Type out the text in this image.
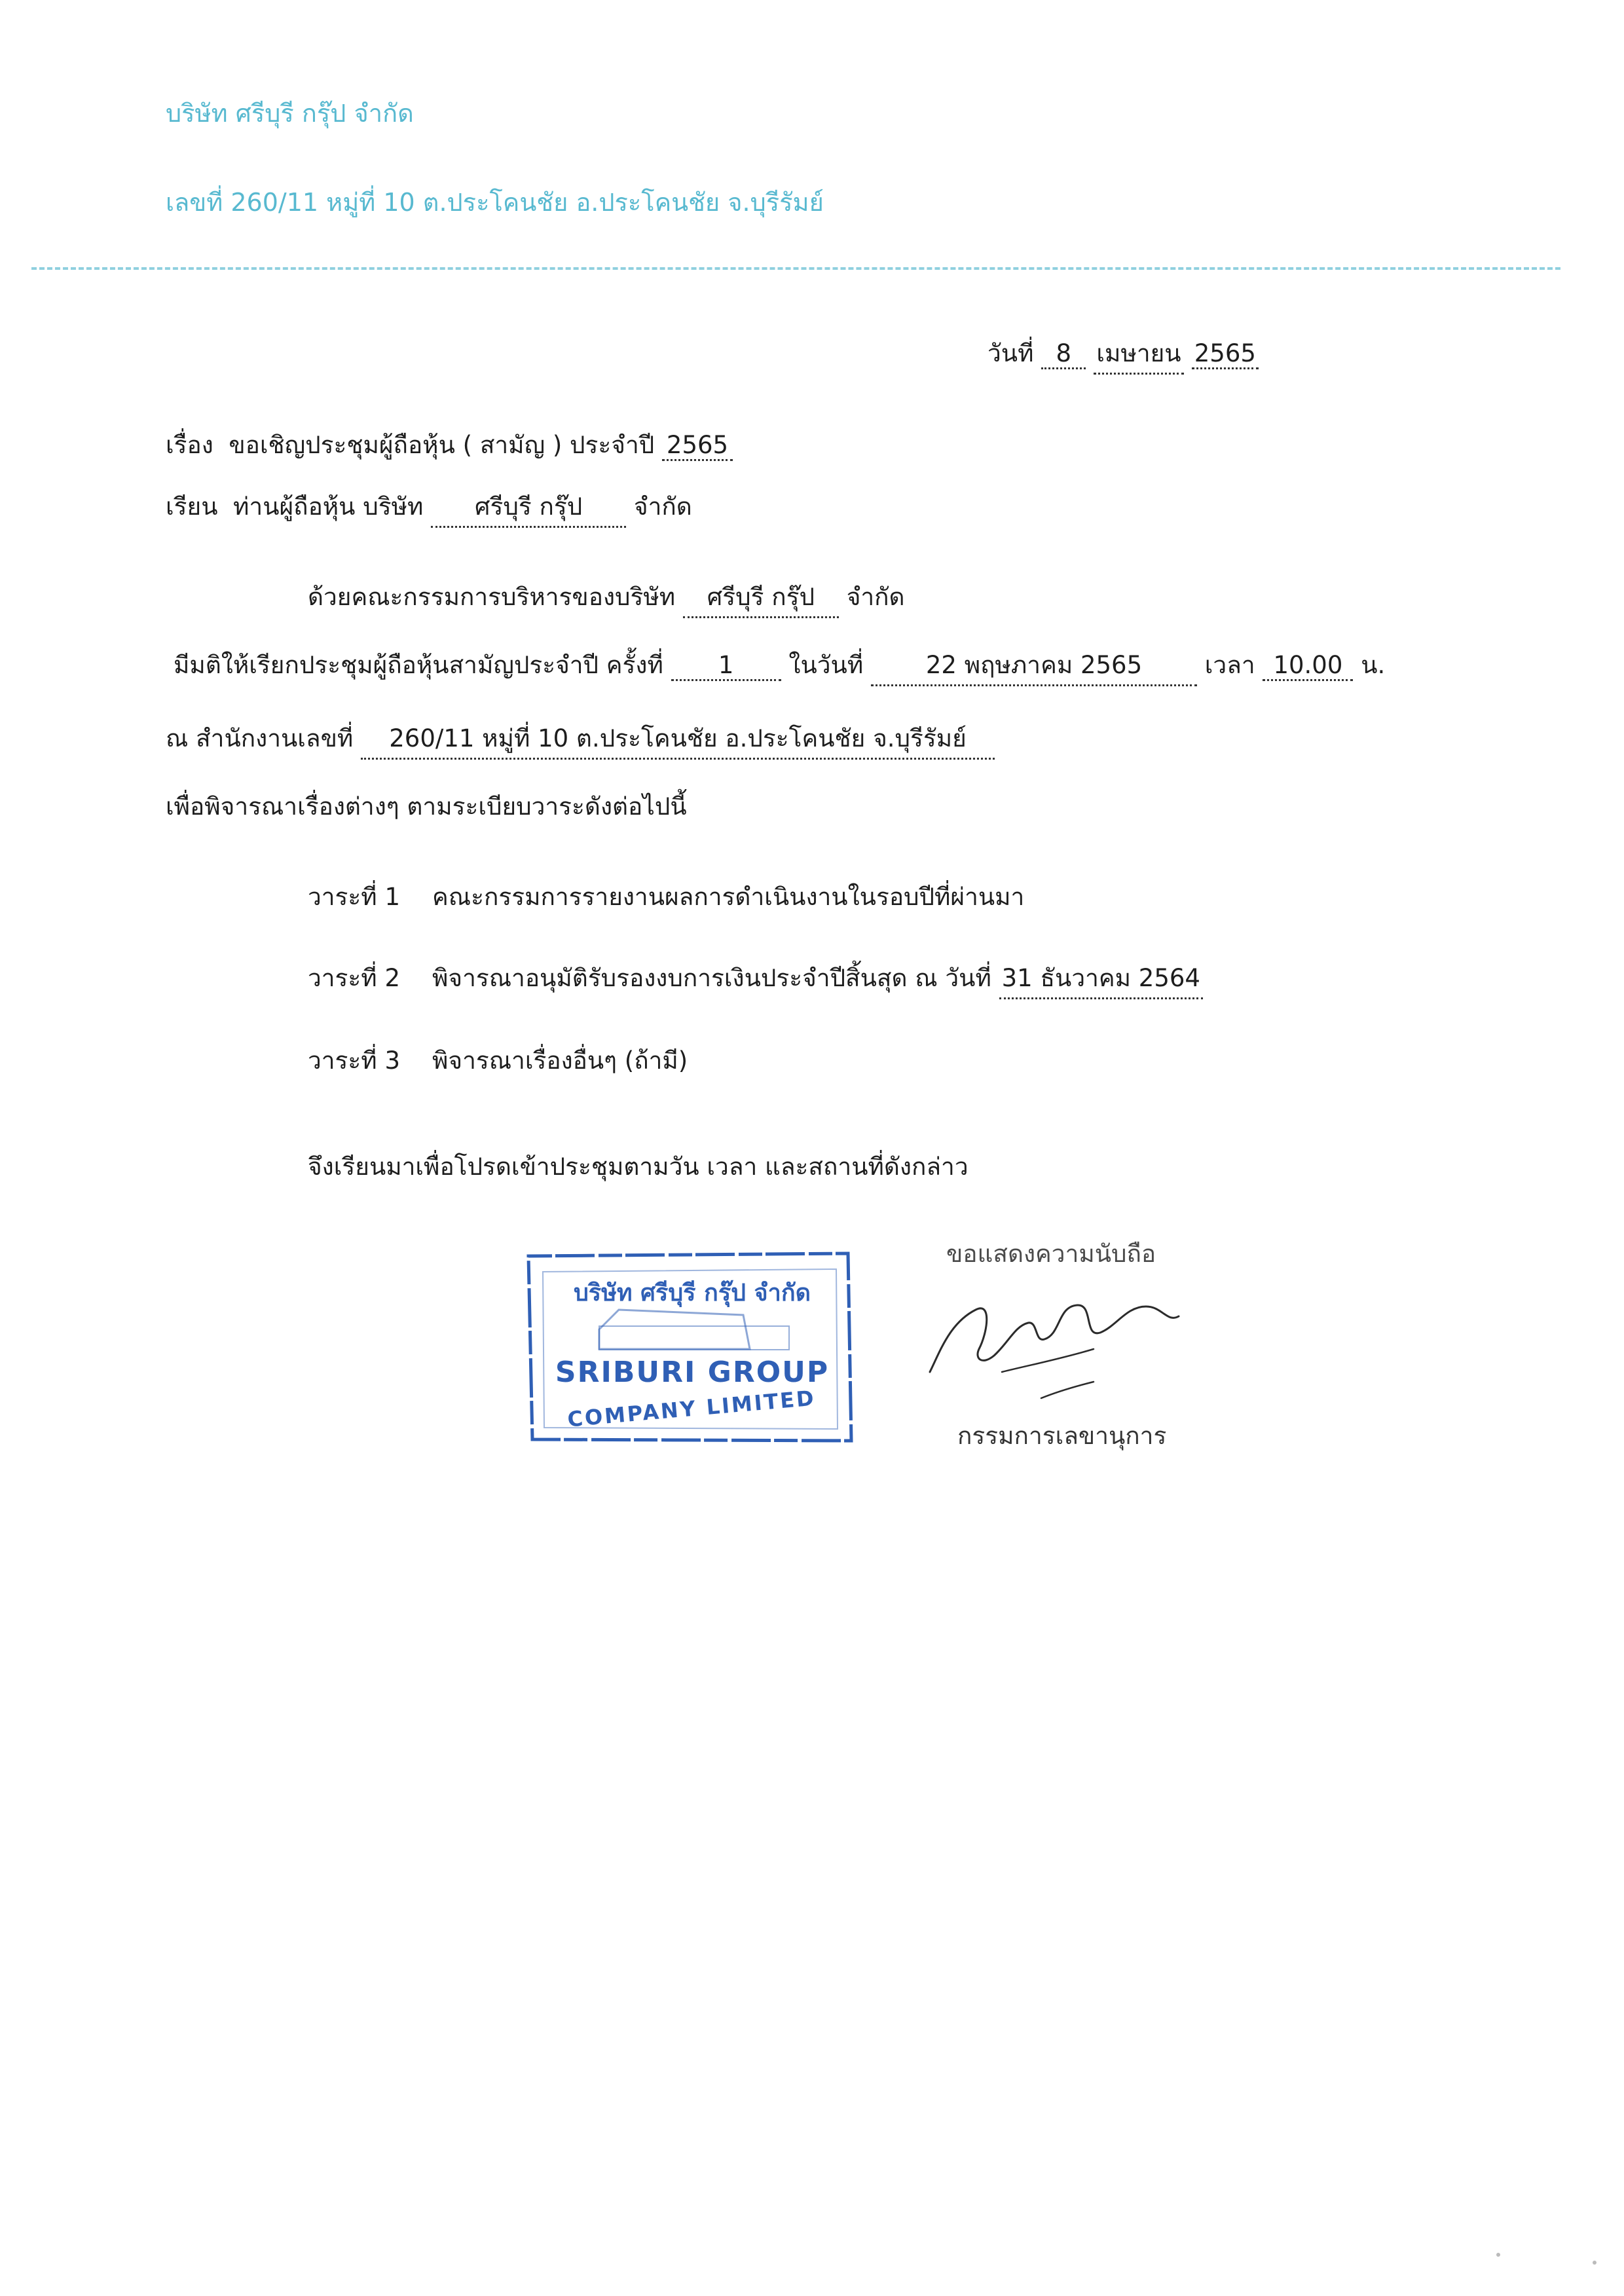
บริษัท ศรีบุรี กรุ๊ป จำกัด
เลขที่ 260/11 หมู่ที่ 10 ต.ประโคนชัย อ.ประโคนชัย จ.บุรีรัมย์
วันที่ 8 เมษายน 2565
เรื่อง ขอเชิญประชุมผู้ถือหุ้น ( สามัญ ) ประจำปี 2565
เรียน ท่านผู้ถือหุ้น บริษัท ศรีบุรี กรุ๊ป จำกัด
ด้วยคณะกรรมการบริหารของบริษัท ศรีบุรี กรุ๊ป จำกัด
มีมติให้เรียกประชุมผู้ถือหุ้นสามัญประจำปี ครั้งที่ 1 ในวันที่	22 พฤษภาคม 2565	เวลา 10.00 น.
ณ สำนักงานเลขที่ 260/11 หมู่ที่ 10 ต.ประโคนชัย อ.ประโคนชัย จ.บุรีรัมย์
เพื่อพิจารณาเรื่องต่างๆ ตามระเบียบวาระดังต่อไปนี้
วาระที่ 1 คณะกรรมการรายงานผลการดำเนินงานในรอบปีที่ผ่านมา
วาระที่ 2 พิจารณาอนุมัติรับรองงบการเงินประจำปีสิ้นสุด ณ วันที่ 31 ธันวาคม 2564
วาระที่ 3 พิจารณาเรื่องอื่นๆ (ถ้ามี)
จึงเรียนมาเพื่อโปรดเข้าประชุมตามวัน เวลา และสถานที่ดังกล่าว
บริษัท ศรีบุรี กรุ๊ป จำกัด
SRIBURI GROUP
COMPANY LIMITED
ขอแสดงความนับถือ
กรรมการเลขานุการ
